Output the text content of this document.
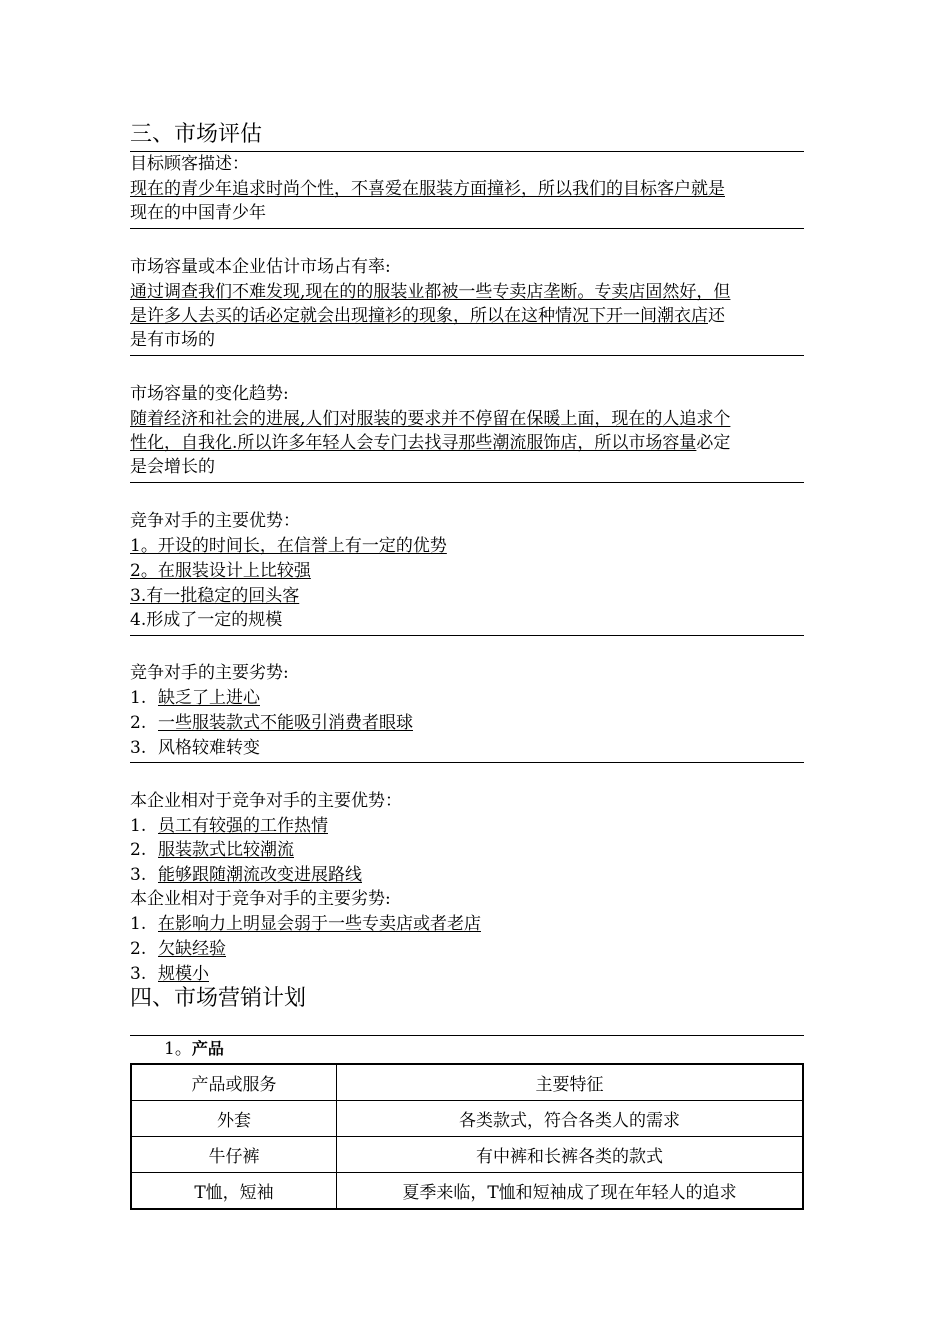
三、市场评估
目标顾客描述：
现在的青少年追求时尚个性，不喜爱在服装方面撞衫，所以我们的目标客户就是
现在的中国青少年
市场容量或本企业估计市场占有率:
通过调查我们不难发现,现在的的服装业都被一些专卖店垄断。专卖店固然好，但
是许多人去买的话必定就会出现撞衫的现象，所以在这种情况下开一间潮衣店还
是有市场的
市场容量的变化趋势:
随着经济和社会的进展,人们对服装的要求并不停留在保暖上面，现在的人追求个
性化，自我化.所以许多年轻人会专门去找寻那些潮流服饰店，所以市场容量必定
是会增长的
竞争对手的主要优势：
1。开设的时间长，在信誉上有一定的优势
2。在服装设计上比较强
3.有一批稳定的回头客
4.形成了一定的规模
竞争对手的主要劣势:
1. 缺乏了上进心
2. 一些服装款式不能吸引消费者眼球
3. 风格较难转变
本企业相对于竞争对手的主要优势：
1. 员工有较强的工作热情
2. 服装款式比较潮流
3. 能够跟随潮流改变进展路线
本企业相对于竞争对手的主要劣势:
1. 在影响力上明显会弱于一些专卖店或者老店
2. 欠缺经验
3. 规模小
四、市场营销计划
1。产品
产品或服务	主要特征
外套	各类款式，符合各类人的需求
牛仔裤	有中裤和长裤各类的款式
T恤，短袖	夏季来临，T恤和短袖成了现在年轻人的追求
